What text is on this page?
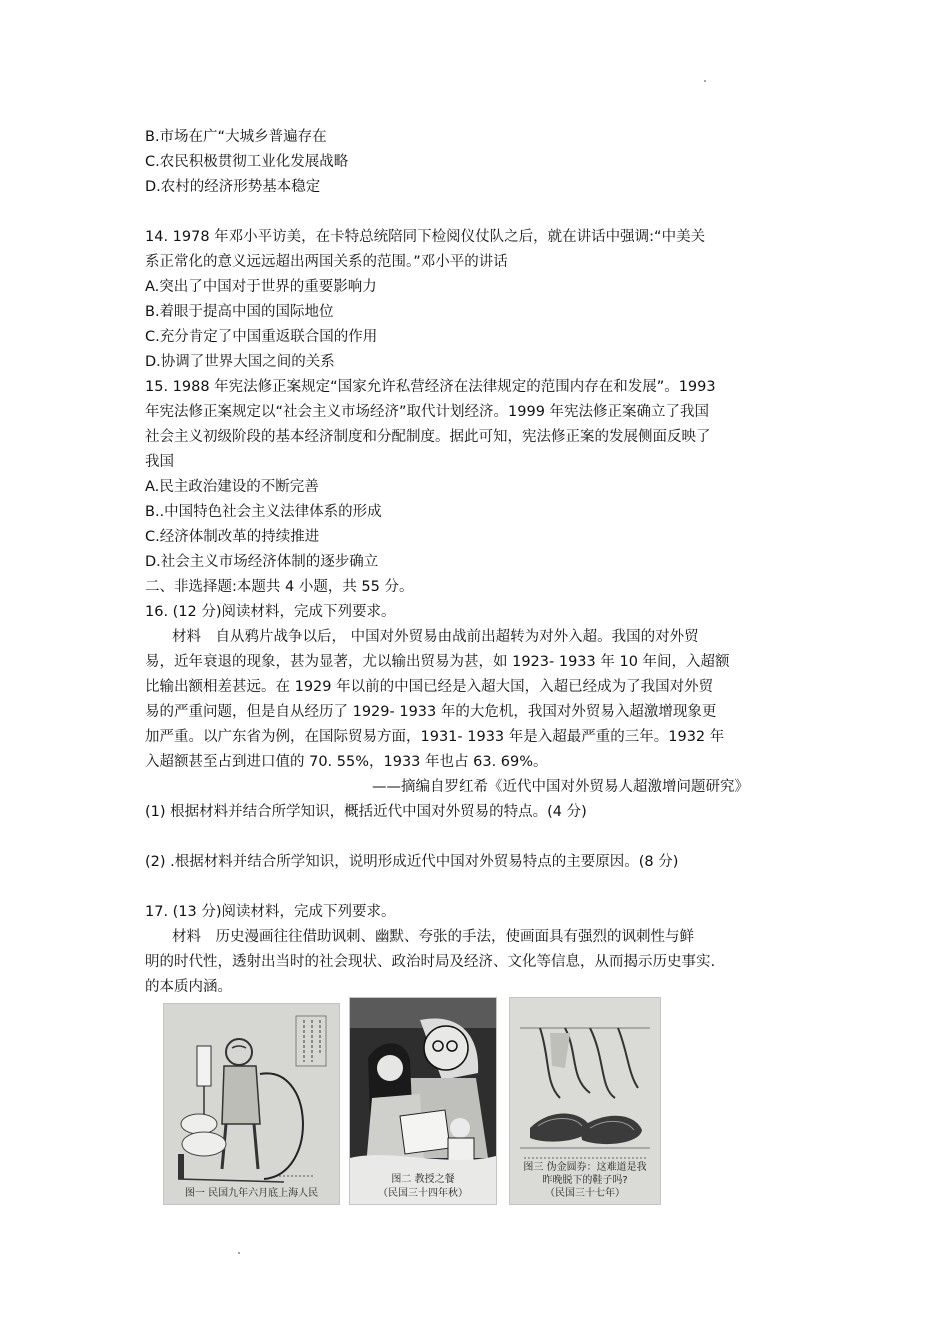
B.市场在广“大城乡普遍存在
C.农民积极贯彻工业化发展战略
D.农村的经济形势基本稳定
14. 1978 年邓小平访美，在卡特总统陪同下检阅仪仗队之后，就在讲话中强调:“中美关
系正常化的意义远远超出两国关系的范围。”邓小平的讲话
A.突出了中国对于世界的重要影响力
B.着眼于提高中国的国际地位
C.充分肯定了中国重返联合国的作用
D.协调了世界大国之间的关系
15. 1988 年宪法修正案规定“国家允许私营经济在法律规定的范围内存在和发展”。1993
年宪法修正案规定以“社会主义市场经济”取代计划经济。1999 年宪法修正案确立了我国
社会主义初级阶段的基本经济制度和分配制度。据此可知，宪法修正案的发展侧面反映了
我国
A.民主政治建设的不断完善
B..中国特色社会主义法律体系的形成
C.经济体制改革的持续推进
D.社会主义市场经济体制的逐步确立
二、非选择题:本题共 4 小题，共 55 分。
16. (12 分)阅读材料，完成下列要求。
材料　自从鸦片战争以后， 中国对外贸易由战前出超转为对外入超。我国的对外贸
易，近年衰退的现象，甚为显著，尤以输出贸易为甚，如 1923- 1933 年 10 年间，入超额
比输出额相差甚远。在 1929 年以前的中国已经是入超大国，入超已经成为了我国对外贸
易的严重问题，但是自从经历了 1929- 1933 年的大危机，我国对外贸易入超激增现象更
加严重。以广东省为例，在国际贸易方面，1931- 1933 年是入超最严重的三年。1932 年
入超额甚至占到进口值的 70. 55%，1933 年也占 63. 69%。
——摘编自罗红希《近代中国对外贸易人超激增问题研究》
(1) 根据材料并结合所学知识，概括近代中国对外贸易的特点。(4 分)
(2) .根据材料并结合所学知识，说明形成近代中国对外贸易特点的主要原因。(8 分)
17. (13 分)阅读材料，完成下列要求。
材料　历史漫画往往借助讽刺、幽默、夸张的手法，使画面具有强烈的讽刺性与鲜
明的时代性，透射出当时的社会现状、政治时局及经济、文化等信息，从而揭示历史事实.
的本质内涵。
图一 民国九年六月底上海人民
图二 教授之餐
（民国三十四年秋）
图三 伪金圆券：这难道是我
昨晚脱下的鞋子吗?
（民国三十七年）
